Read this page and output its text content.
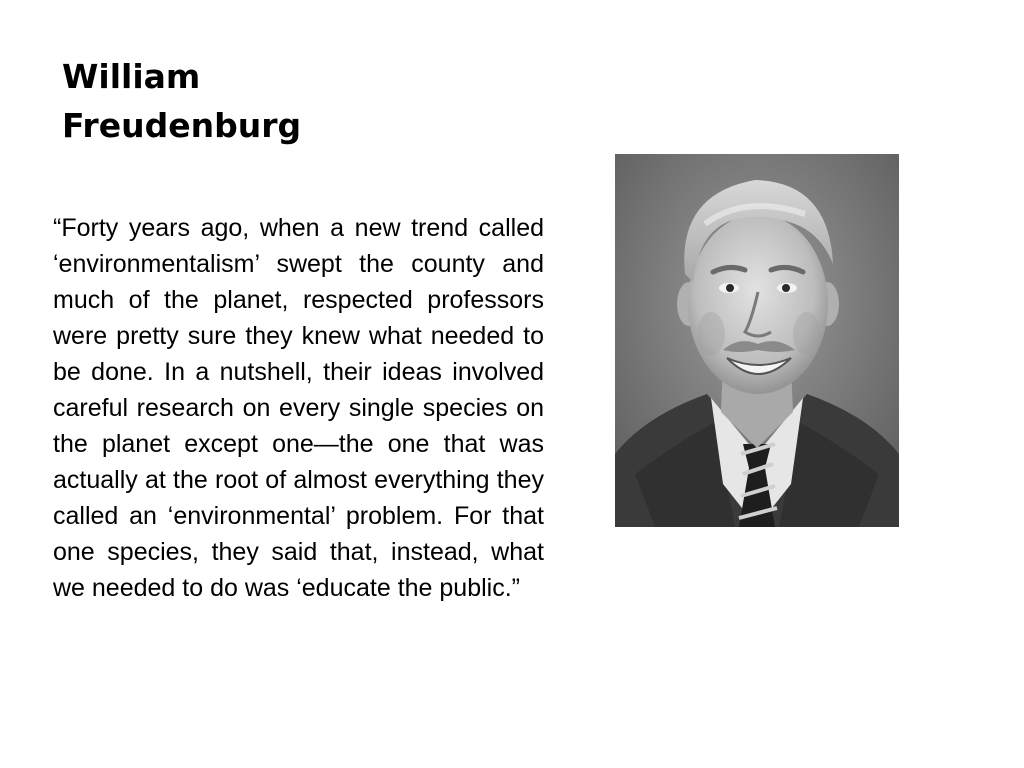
William
Freudenburg
“Forty years ago, when a new trend called ‘environmentalism’ swept the county and much of the planet, respected professors were pretty sure they knew what needed to be done. In a nutshell, their ideas involved careful research on every single species on the planet except one—the one that was actually at the root of almost everything they called an ‘environmental’ problem. For that one species, they said that, instead, what we needed to do was ‘educate the public.”
